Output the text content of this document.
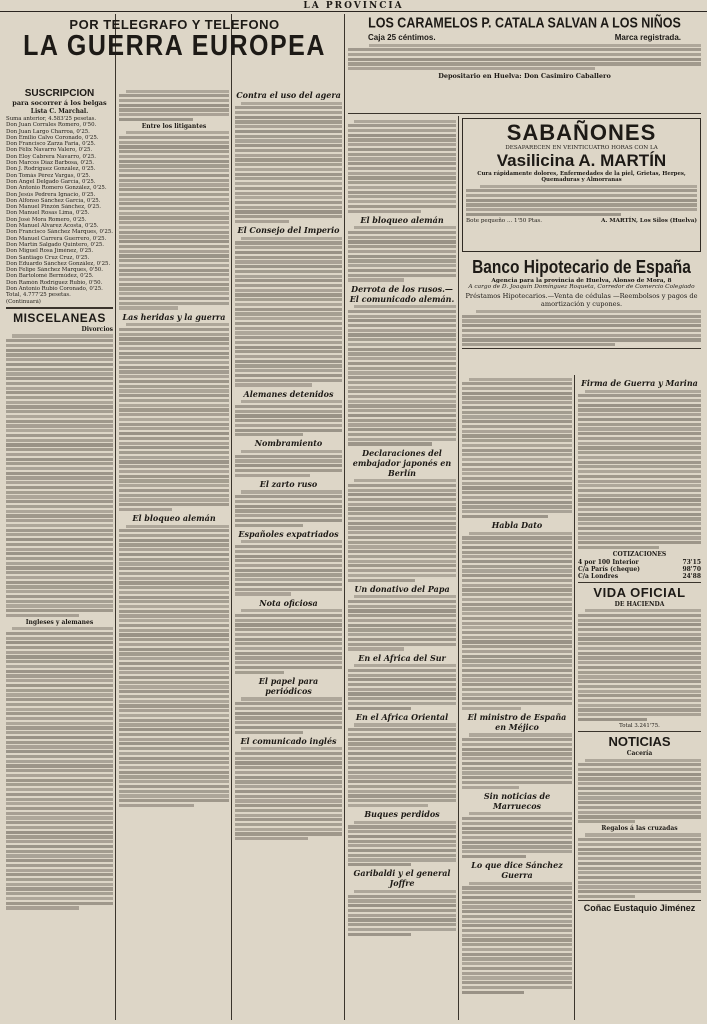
LA PROVINCIA
POR TELEGRAFO Y TELEFONO
LA GUERRA EUROPEA
SUSCRIPCION
para socorrer á los belgas
Lista C. Marchal.
Suma anterior, 4.583'25 pesetas.
Don Juan Corrales Romero, 0'50.
Don Juan Largo Charroa, 0'25.
Don Emilio Calvo Coronado, 0'25.
Don Francisco Zarza Faria, 0'25.
Don Félix Navarro Valero, 0'25.
Don Eloy Cabrera Navarro, 0'25.
Don Marcos Díaz Barbosa, 0'25.
Don J. Rodríguez González, 0'25.
Don Tomás Pérez Vargas, 0'25.
Don Angel Delgado García, 0'25.
Don Antonio Romero González, 0'25.
Don Jesús Pedrera Ignacio, 0'25.
Don Alfonso Sánchez García, 0'25.
Don Manuel Pinzón Sánchez, 0'25.
Don Manuel Rosas Lima, 0'25.
Don José Mora Romero, 0'25.
Don Manuel Alvarez Acosta, 0'25.
Don Francisco Sánchez Marques, 0'25.
Don Manuel Carrera Guerrero, 0'25.
Don Martín Salgado Quintero, 0'25.
Don Miguel Rosa Jiménez, 0'25.
Don Santiago Cruz Cruz, 0'25.
Don Eduardo Sánchez González, 0'25.
Don Felipe Sánchez Marques, 0'50.
Don Bartolomé Bermúdez, 0'25.
Don Ramón Rodríguez Rubio, 0'50.
Don Antonio Rubio Coronado, 0'25.
Total, 4.777'25 pesetas.
(Continuará)
MISCELANEAS
Divorcios
Ingleses y alemanes
Entre los litigantes
Las heridas y la guerra
El bloqueo alemán
Contra el uso del agera
El Consejo del Imperio
Alemanes detenidos
Nombramiento
El zarto ruso
Españoles expatriados
Nota oficiosa
El papel para periódicos
El comunicado inglés
LOS CARAMELOS P. CATALA SALVAN A LOS NIÑOS
Caja 25 céntimos.	Marca registrada.
Depositario en Huelva: Don Casimiro Caballero
El bloqueo alemán
Derrota de los rusos.—El comunicado alemán.
Declaraciones del embajador japonés en Berlín
Un donativo del Papa
En el Africa del Sur
En el Africa Oriental
Buques perdidos
Garibaldi y el general Joffre
SABAÑONES
DESAPARECEN EN VEINTICUATRO HORAS CON LA
Vasilicina A. MARTÍN
Cura rápidamente dolores, Enfermedades de la piel, Grietas, Herpes, Quemaduras y Almorranas
Bote pequeño ... 1'50 Ptas.	A. MARTÍN, Los Silos (Huelva)
Banco Hipotecario de España
Agencia para la provincia de Huelva, Alonso de Mora, 8
A cargo de D. Joaquín Domínguez Roqueta, Corredor de Comercio Colegiado
Préstamos Hipotecarios.—Venta de cédulas —Reembolsos y pagos de amortización y cupones.
Habla Dato
El ministro de España en Méjico
Sin noticias de Marruecos
Lo que dice Sánchez Guerra
Firma de Guerra y Marina
COTIZACIONES
4 por 100 Interior	73'15
C/a París (cheque)	98'70
C/a Londres	24'88
VIDA OFICIAL
DE HACIENDA
Total 3.241'75.
NOTICIAS
Cacería
Regalos á las cruzadas
Coñac Eustaquio Jiménez
